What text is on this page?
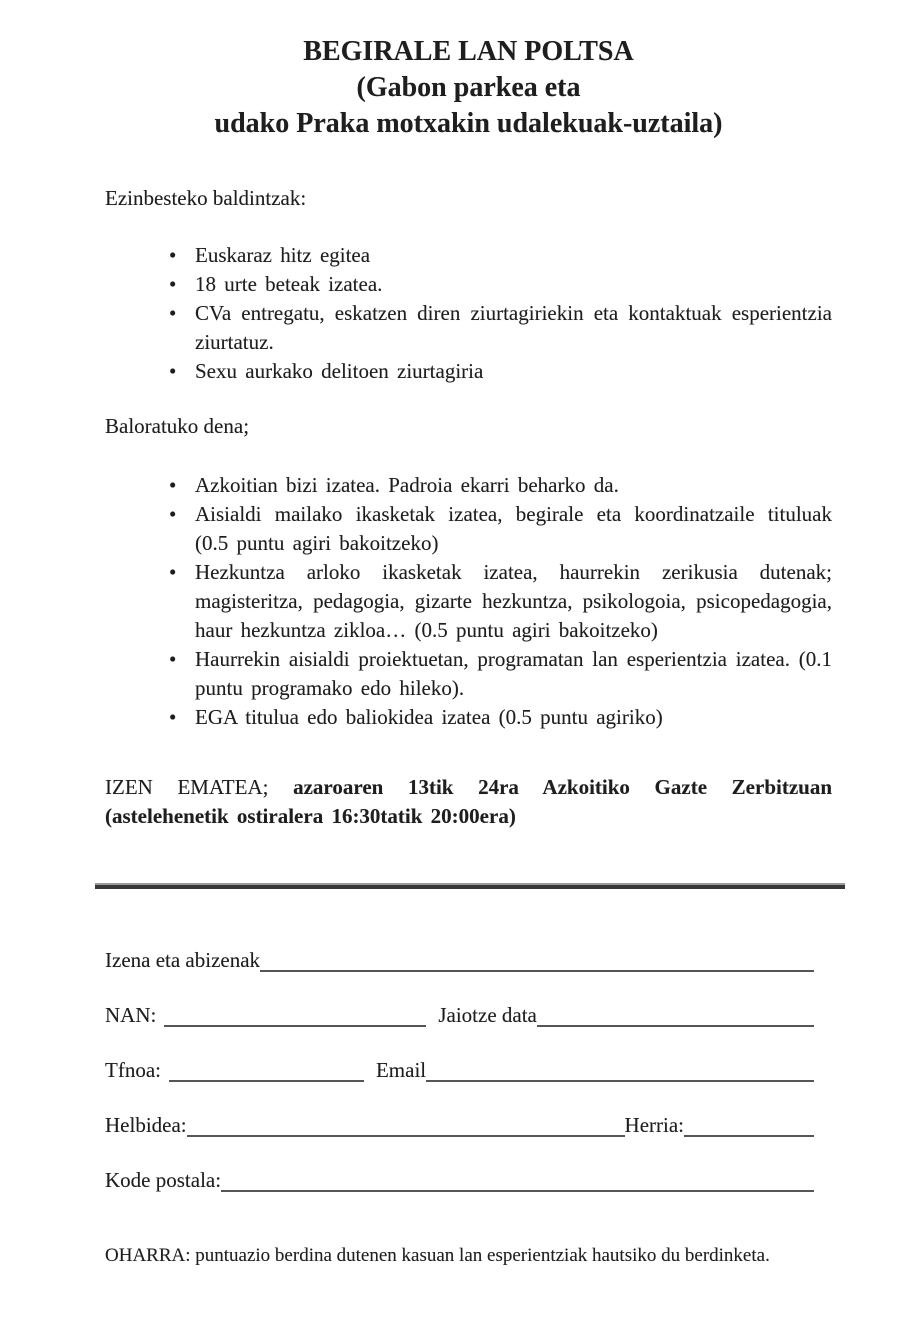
BEGIRALE LAN POLTSA
(Gabon parkea eta
udako Praka motxakin udalekuak-uztaila)

Ezinbesteko baldintzak:

• Euskaraz hitz egitea
• 18 urte beteak izatea.
• CVa entregatu, eskatzen diren ziurtagiriekin eta kontaktuak esperientzia ziurtatuz.
• Sexu aurkako delitoen ziurtagiria

Baloratuko dena;

• Azkoitian bizi izatea. Padroia ekarri beharko da.
• Aisialdi mailako ikasketak izatea, begirale eta koordinatzaile tituluak (0.5 puntu agiri bakoitzeko)
• Hezkuntza arloko ikasketak izatea, haurrekin zerikusia dutenak; magisteritza, pedagogia, gizarte hezkuntza, psikologoia, psicopedagogia, haur hezkuntza zikloa… (0.5 puntu agiri bakoitzeko)
• Haurrekin aisialdi proiektuetan, programatan lan esperientzia izatea. (0.1 puntu programako edo hileko).
• EGA titulua edo baliokidea izatea (0.5 puntu agiriko)

IZEN EMATEA; azaroaren 13tik 24ra Azkoitiko Gazte Zerbitzuan (astelehenetik ostiralera 16:30tatik 20:00era)

Izena eta abizenak
NAN:	Jaiotze data
Tfnoa:	Email
Helbidea:	Herria:
Kode postala:

OHARRA: puntuazio berdina dutenen kasuan lan esperientziak hautsiko du berdinketa.
